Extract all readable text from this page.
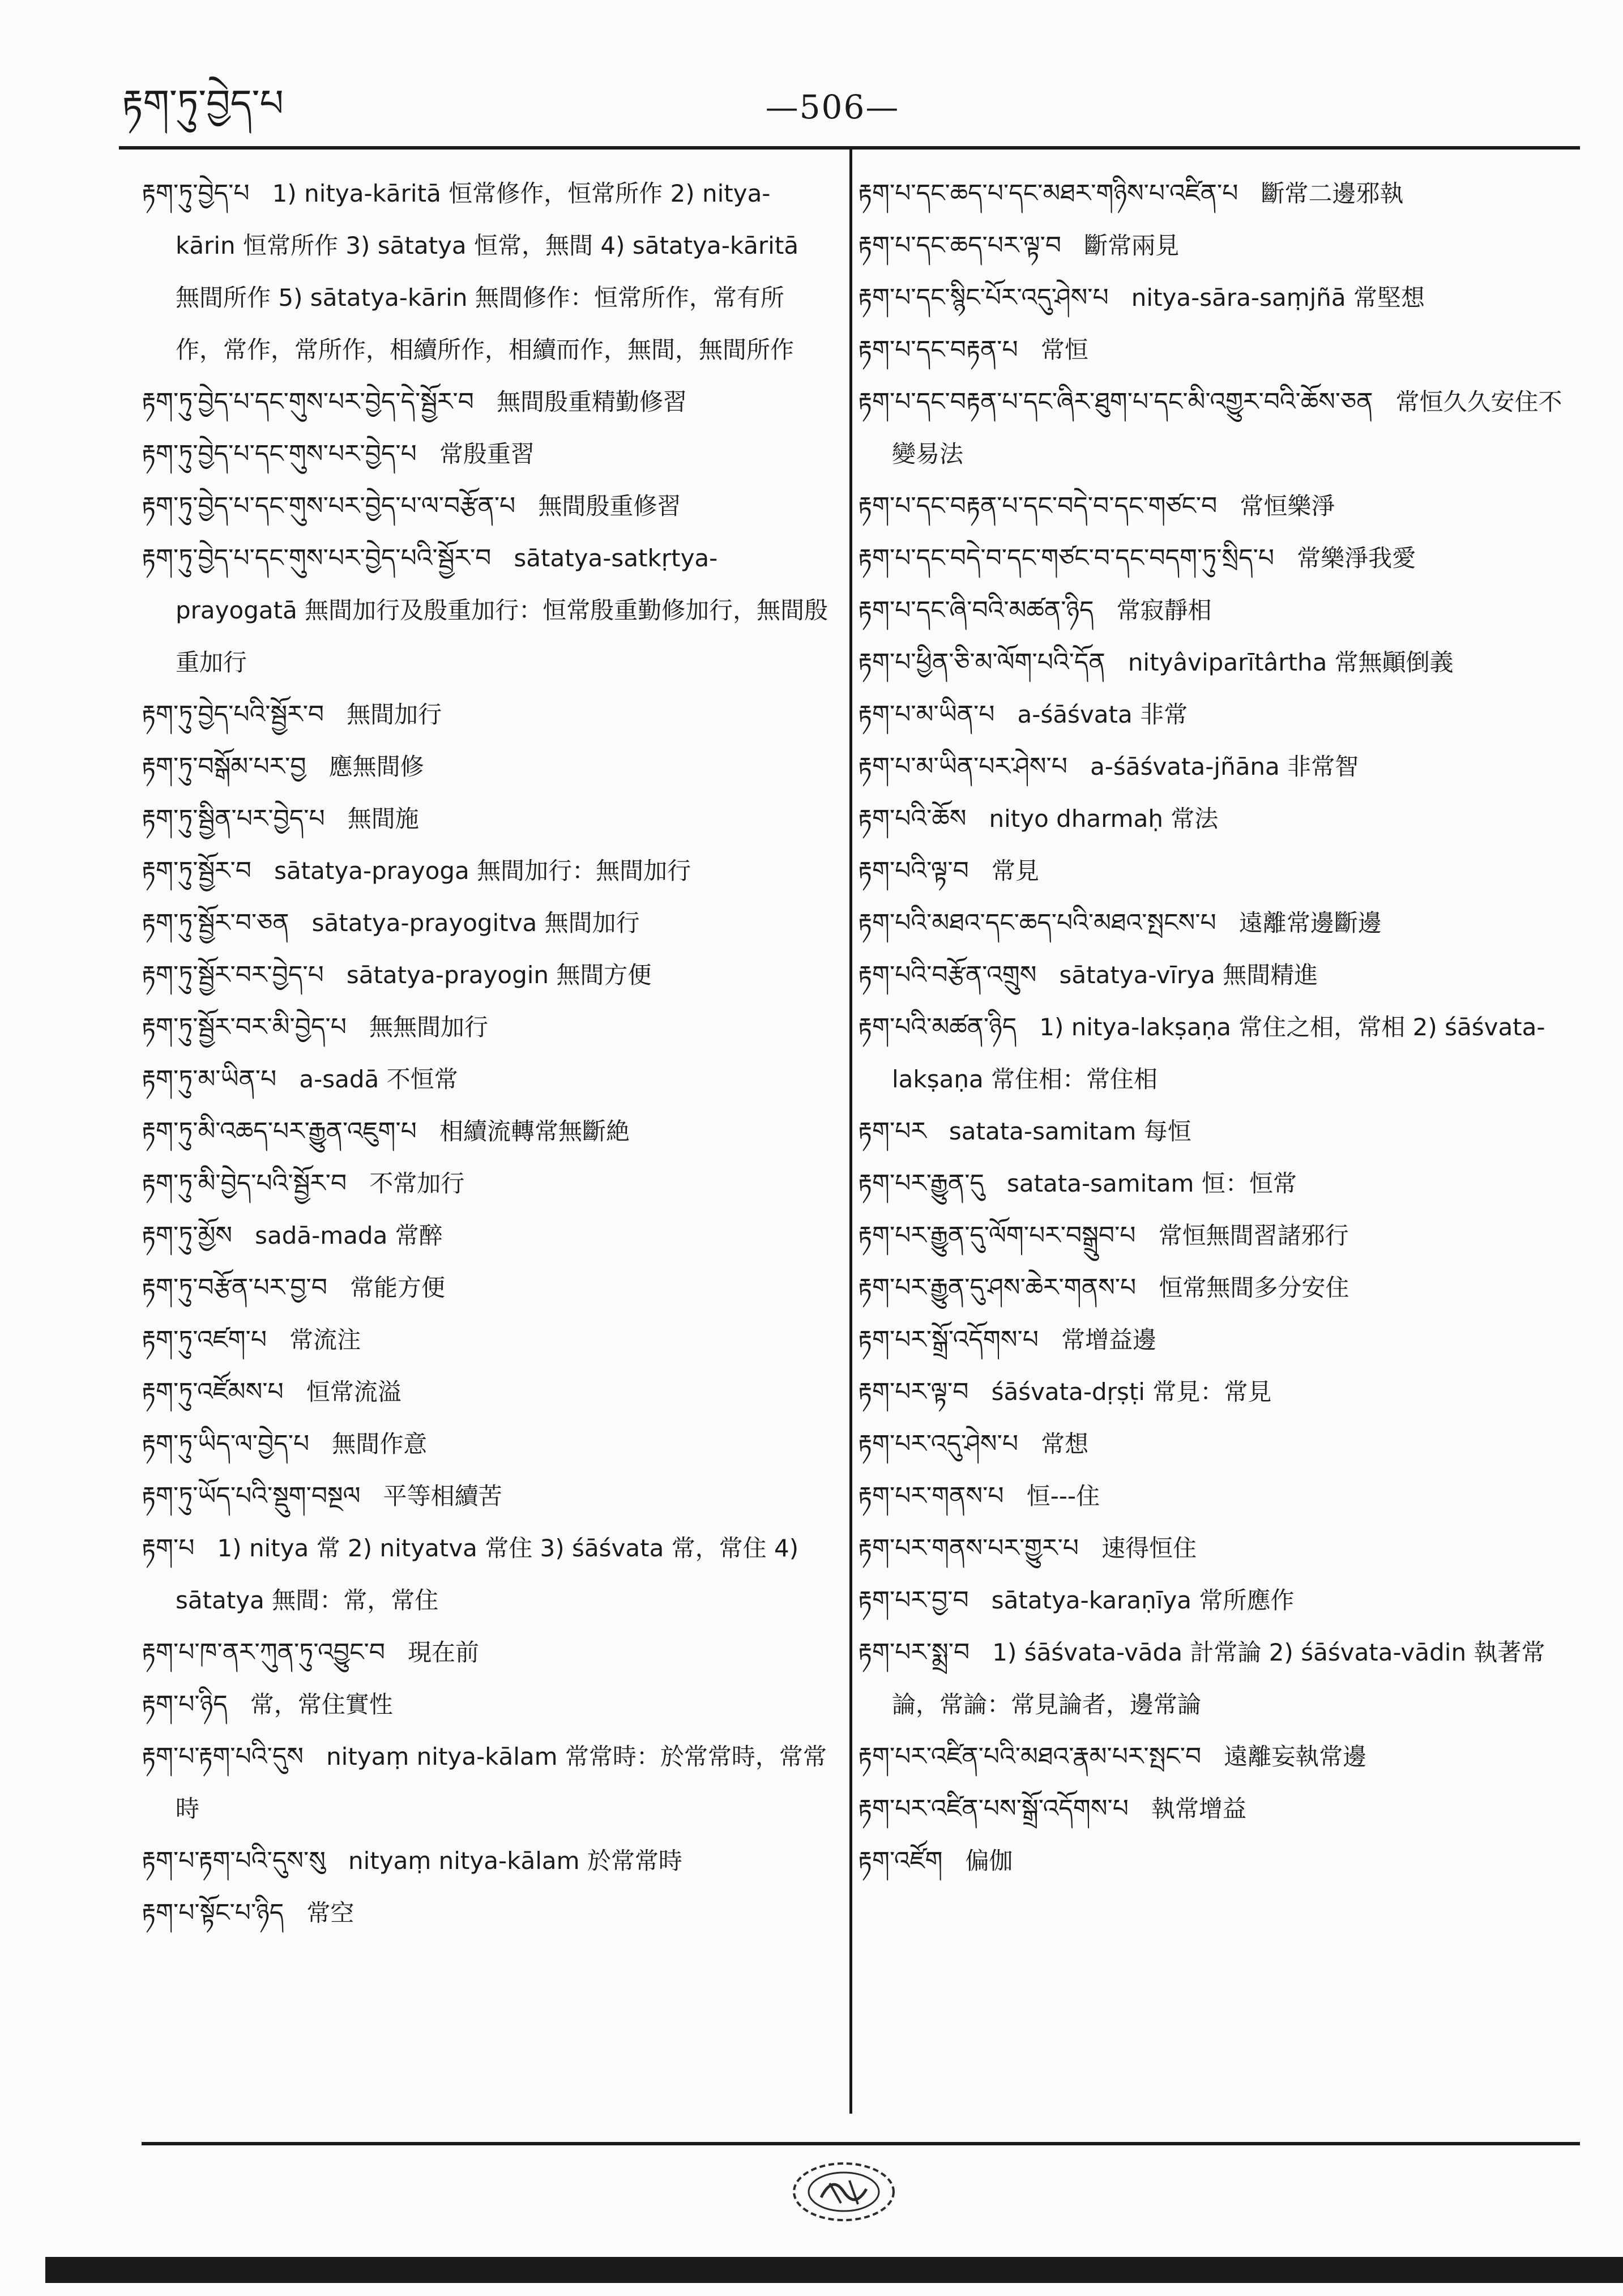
རྟག་ཏུ་བྱེད་པ	—506—

རྟག་ཏུ་བྱེད་པ 1) nitya-kāritā 恒常修作，恒常所作 2) nitya-kārin 恒常所作 3) sātatya 恒常，無間 4) sātatya-kāritā 無間所作 5) sātatya-kārin 無間修作：恒常所作，常有所作，常作，常所作，相續所作，相續而作，無間，無間所作

རྟག་ཏུ་བྱེད་པ་དང་གུས་པར་བྱེད་དེ་སྦྱོར་བ 無間殷重精勤修習

རྟག་ཏུ་བྱེད་པ་དང་གུས་པར་བྱེད་པ 常殷重習

རྟག་ཏུ་བྱེད་པ་དང་གུས་པར་བྱེད་པ་ལ་བརྩོན་པ 無間殷重修習

རྟག་ཏུ་བྱེད་པ་དང་གུས་པར་བྱེད་པའི་སྦྱོར་བ sātatya-satkṛtya-prayogatā 無間加行及殷重加行：恒常殷重勤修加行，無間殷重加行

རྟག་ཏུ་བྱེད་པའི་སྦྱོར་བ 無間加行

རྟག་ཏུ་བསྒོམ་པར་བྱ 應無間修

རྟག་ཏུ་སྦྱིན་པར་བྱེད་པ 無間施

རྟག་ཏུ་སྦྱོར་བ sātatya-prayoga 無間加行：無間加行

རྟག་ཏུ་སྦྱོར་བ་ཅན sātatya-prayogitva 無間加行

རྟག་ཏུ་སྦྱོར་བར་བྱེད་པ sātatya-prayogin 無間方便

རྟག་ཏུ་སྦྱོར་བར་མི་བྱེད་པ 無無間加行

རྟག་ཏུ་མ་ཡིན་པ a-sadā 不恒常

རྟག་ཏུ་མི་འཆད་པར་རྒྱུན་འཇུག་པ 相續流轉常無斷絶

རྟག་ཏུ་མི་བྱེད་པའི་སྦྱོར་བ 不常加行

རྟག་ཏུ་མྱོས sadā-mada 常醉

རྟག་ཏུ་བརྩོན་པར་བྱ་བ 常能方便

རྟག་ཏུ་འཛག་པ 常流注

རྟག་ཏུ་འཛོམས་པ 恒常流溢

རྟག་ཏུ་ཡིད་ལ་བྱེད་པ 無間作意

རྟག་ཏུ་ཡོད་པའི་སྡུག་བསྔལ 平等相續苦

རྟག་པ 1) nitya 常 2) nityatva 常住 3) śāśvata 常，常住 4) sātatya 無間：常，常住

རྟག་པ་ཁ་ནར་ཀུན་ཏུ་འབྱུང་བ 現在前

རྟག་པ་ཉིད 常，常住實性

རྟག་པ་རྟག་པའི་དུས nityaṃ nitya-kālam 常常時：於常常時，常常時

རྟག་པ་རྟག་པའི་དུས་སུ nityaṃ nitya-kālam 於常常時

རྟག་པ་སྟོང་པ་ཉིད 常空

རྟག་པ་དང་ཆད་པ་དང་མཐར་གཉིས་པ་འཛིན་པ 斷常二邊邪執

རྟག་པ་དང་ཆད་པར་ལྟ་བ 斷常兩見

རྟག་པ་དང་སྙིང་པོར་འདུ་ཤེས་པ nitya-sāra-saṃjñā 常堅想

རྟག་པ་དང་བརྟན་པ 常恒

རྟག་པ་དང་བརྟན་པ་དང་ཞིར་ཐུག་པ་དང་མི་འགྱུར་བའི་ཆོས་ཅན 常恒久久安住不變易法

རྟག་པ་དང་བརྟན་པ་དང་བདེ་བ་དང་གཙང་བ 常恒樂淨

རྟག་པ་དང་བདེ་བ་དང་གཙང་བ་དང་བདག་ཏུ་སྲིད་པ 常樂淨我愛

རྟག་པ་དང་ཞི་བའི་མཚན་ཉིད 常寂靜相

རྟག་པ་ཕྱིན་ཅི་མ་ལོག་པའི་དོན nityâviparītârtha 常無顚倒義

རྟག་པ་མ་ཡིན་པ a-śāśvata 非常

རྟག་པ་མ་ཡིན་པར་ཤེས་པ a-śāśvata-jñāna 非常智

རྟག་པའི་ཆོས nityo dharmaḥ 常法

རྟག་པའི་ལྟ་བ 常見

རྟག་པའི་མཐའ་དང་ཆད་པའི་མཐའ་སྤངས་པ 遠離常邊斷邊

རྟག་པའི་བརྩོན་འགྲུས sātatya-vīrya 無間精進

རྟག་པའི་མཚན་ཉིད 1) nitya-lakṣaṇa 常住之相，常相 2) śāśvata-lakṣaṇa 常住相：常住相

རྟག་པར satata-samitam 每恒

རྟག་པར་རྒྱུན་དུ satata-samitam 恒：恒常

རྟག་པར་རྒྱུན་དུ་ལོག་པར་བསྒྲུབ་པ 常恒無間習諸邪行

རྟག་པར་རྒྱུན་དུ་ཤས་ཆེར་གནས་པ 恒常無間多分安住

རྟག་པར་སྒྲོ་འདོགས་པ 常增益邊

རྟག་པར་ལྟ་བ śāśvata-dṛṣṭi 常見：常見

རྟག་པར་འདུ་ཤེས་པ 常想

རྟག་པར་གནས་པ 恒---住

རྟག་པར་གནས་པར་གྱུར་པ 速得恒住

རྟག་པར་བྱ་བ sātatya-karaṇīya 常所應作

རྟག་པར་སྨྲ་བ 1) śāśvata-vāda 計常論 2) śāśvata-vādin 執著常論，常論：常見論者，邊常論

རྟག་པར་འཛིན་པའི་མཐའ་རྣམ་པར་སྤང་བ 遠離妄執常邊

རྟག་པར་འཛིན་པས་སྒྲོ་འདོགས་པ 執常增益

རྟག་འཛོག 偏伽
